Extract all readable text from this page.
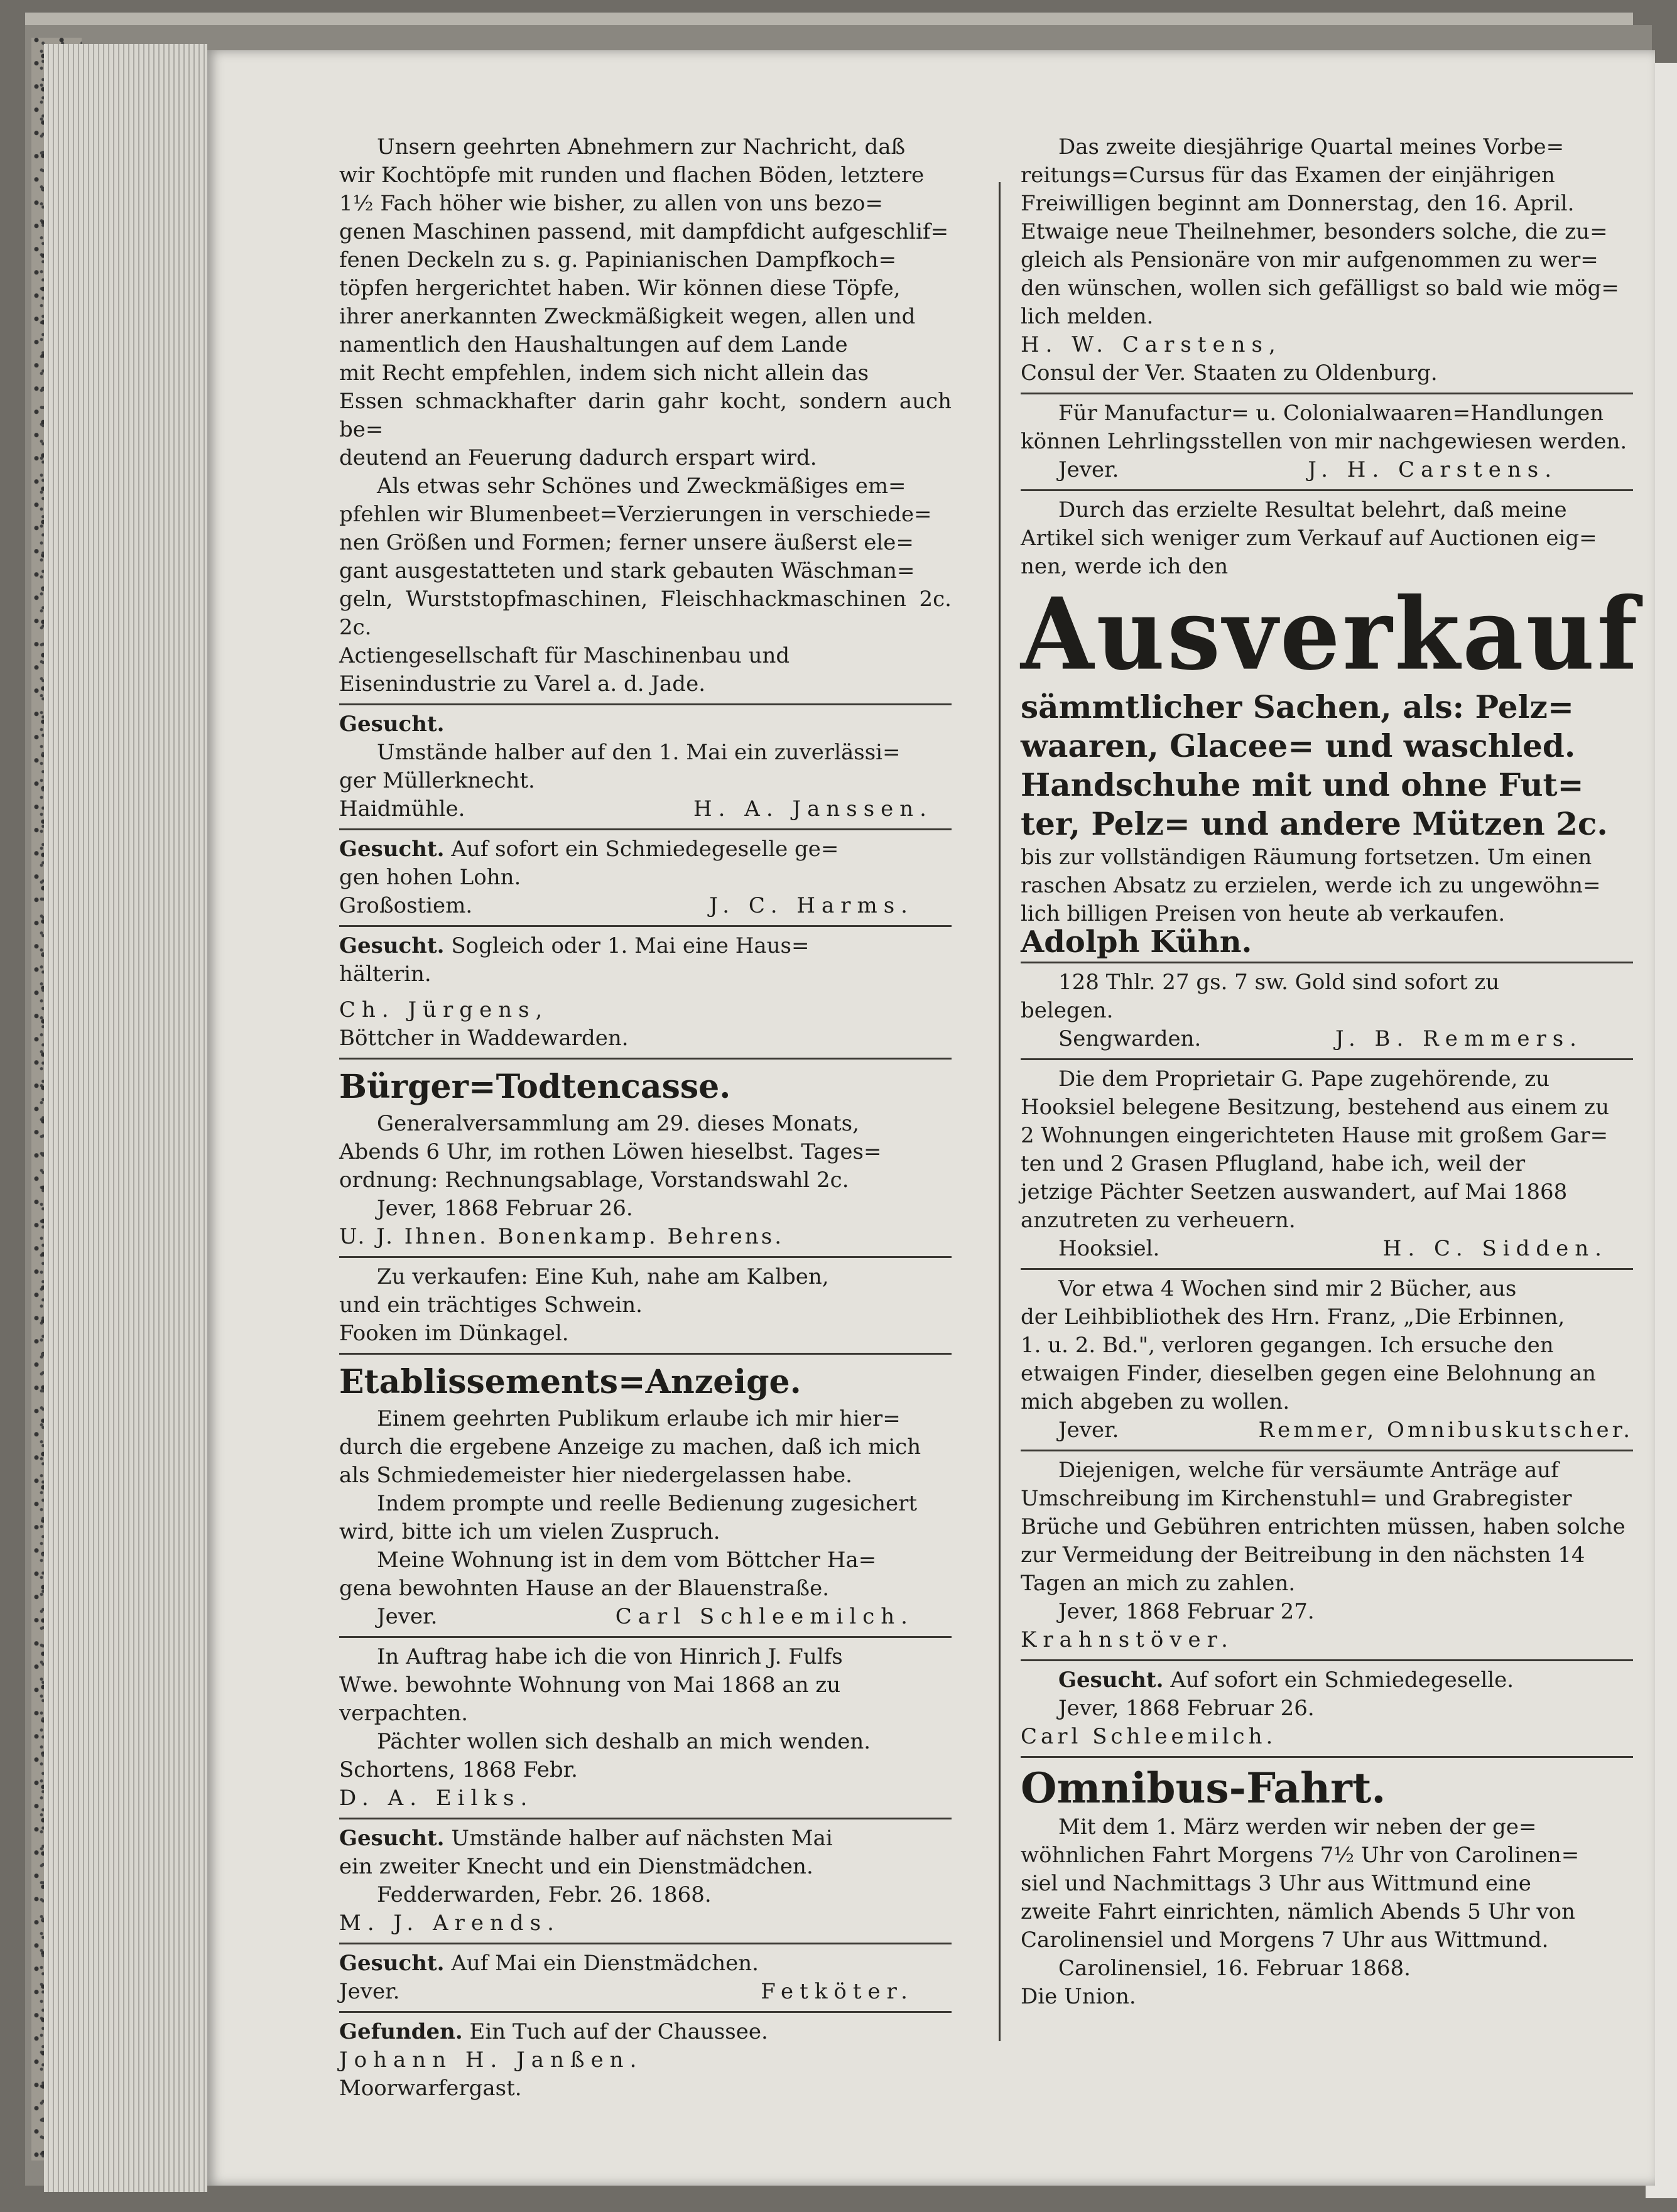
Unsern geehrten Abnehmern zur Nachricht, daß

wir Kochtöpfe mit runden und flachen Böden, letztere

1½ Fach höher wie bisher, zu allen von uns bezo=

genen Maschinen passend, mit dampfdicht aufgeschlif=

fenen Deckeln zu s. g. Papinianischen Dampfkoch=

töpfen hergerichtet haben. Wir können diese Töpfe,

ihrer anerkannten Zweckmäßigkeit wegen, allen und

namentlich den Haushaltungen auf dem Lande

mit Recht empfehlen, indem sich nicht allein das

Essen schmackhafter darin gahr kocht, sondern auch be=

deutend an Feuerung dadurch erspart wird.

Als etwas sehr Schönes und Zweckmäßiges em=

pfehlen wir Blumenbeet=Verzierungen in verschiede=

nen Größen und Formen; ferner unsere äußerst ele=

gant ausgestatteten und stark gebauten Wäschman=

geln, Wurststopfmaschinen, Fleischhackmaschinen 2c. 2c.

Actiengesellschaft für Maschinenbau und

Eisenindustrie zu Varel a. d. Jade.

Gesucht.

Umstände halber auf den 1. Mai ein zuverlässi=

ger Müllerknecht.

Haidmühle.	H. A. Janssen.

Gesucht. Auf sofort ein Schmiedegeselle ge=

gen hohen Lohn.

Großostiem.	J. C. Harms.

Gesucht. Sogleich oder 1. Mai eine Haus=

hälterin.

Ch. Jürgens,

Böttcher in Waddewarden.

Bürger=Todtencasse.

Generalversammlung am 29. dieses Monats,

Abends 6 Uhr, im rothen Löwen hieselbst. Tages=

ordnung: Rechnungsablage, Vorstandswahl 2c.

Jever, 1868 Februar 26.

U. J. Ihnen. Bonenkamp. Behrens.

Zu verkaufen: Eine Kuh, nahe am Kalben,

und ein trächtiges Schwein.

Fooken im Dünkagel.

Etablissements=Anzeige.

Einem geehrten Publikum erlaube ich mir hier=

durch die ergebene Anzeige zu machen, daß ich mich

als Schmiedemeister hier niedergelassen habe.

Indem prompte und reelle Bedienung zugesichert

wird, bitte ich um vielen Zuspruch.

Meine Wohnung ist in dem vom Böttcher Ha=

gena bewohnten Hause an der Blauenstraße.

Jever.	Carl Schleemilch.

In Auftrag habe ich die von Hinrich J. Fulfs

Wwe. bewohnte Wohnung von Mai 1868 an zu

verpachten.

Pächter wollen sich deshalb an mich wenden.

Schortens, 1868 Febr.

D. A. Eilks.

Gesucht. Umstände halber auf nächsten Mai

ein zweiter Knecht und ein Dienstmädchen.

Fedderwarden, Febr. 26. 1868.

M. J. Arends.

Gesucht. Auf Mai ein Dienstmädchen.

Jever.	Fetköter.

Gefunden. Ein Tuch auf der Chaussee.

Johann H. Janßen.

Moorwarfergast.

Das zweite diesjährige Quartal meines Vorbe=

reitungs=Cursus für das Examen der einjährigen

Freiwilligen beginnt am Donnerstag, den 16. April.

Etwaige neue Theilnehmer, besonders solche, die zu=

gleich als Pensionäre von mir aufgenommen zu wer=

den wünschen, wollen sich gefälligst so bald wie mög=

lich melden.

H. W. Carstens,

Consul der Ver. Staaten zu Oldenburg.

Für Manufactur= u. Colonialwaaren=Handlungen

können Lehrlingsstellen von mir nachgewiesen werden.

Jever.	J. H. Carstens.

Durch das erzielte Resultat belehrt, daß meine

Artikel sich weniger zum Verkauf auf Auctionen eig=

nen, werde ich den

Ausverkauf

sämmtlicher Sachen, als: Pelz=

waaren, Glacee= und waschled.

Handschuhe mit und ohne Fut=

ter, Pelz= und andere Mützen 2c.

bis zur vollständigen Räumung fortsetzen. Um einen

raschen Absatz zu erzielen, werde ich zu ungewöhn=

lich billigen Preisen von heute ab verkaufen.

Adolph Kühn.

128 Thlr. 27 gs. 7 sw. Gold sind sofort zu

belegen.

Sengwarden.	J. B. Remmers.

Die dem Proprietair G. Pape zugehörende, zu

Hooksiel belegene Besitzung, bestehend aus einem zu

2 Wohnungen eingerichteten Hause mit großem Gar=

ten und 2 Grasen Pflugland, habe ich, weil der

jetzige Pächter Seetzen auswandert, auf Mai 1868

anzutreten zu verheuern.

Hooksiel.	H. C. Sidden.

Vor etwa 4 Wochen sind mir 2 Bücher, aus

der Leihbibliothek des Hrn. Franz, „Die Erbinnen,

1. u. 2. Bd.", verloren gegangen. Ich ersuche den

etwaigen Finder, dieselben gegen eine Belohnung an

mich abgeben zu wollen.

Jever.	Remmer, Omnibuskutscher.

Diejenigen, welche für versäumte Anträge auf

Umschreibung im Kirchenstuhl= und Grabregister

Brüche und Gebühren entrichten müssen, haben solche

zur Vermeidung der Beitreibung in den nächsten 14

Tagen an mich zu zahlen.

Jever, 1868 Februar 27.

Krahnstöver.

Gesucht. Auf sofort ein Schmiedegeselle.

Jever, 1868 Februar 26.

Carl Schleemilch.

Omnibus-Fahrt.

Mit dem 1. März werden wir neben der ge=

wöhnlichen Fahrt Morgens 7½ Uhr von Carolinen=

siel und Nachmittags 3 Uhr aus Wittmund eine

zweite Fahrt einrichten, nämlich Abends 5 Uhr von

Carolinensiel und Morgens 7 Uhr aus Wittmund.

Carolinensiel, 16. Februar 1868.

Die Union.
